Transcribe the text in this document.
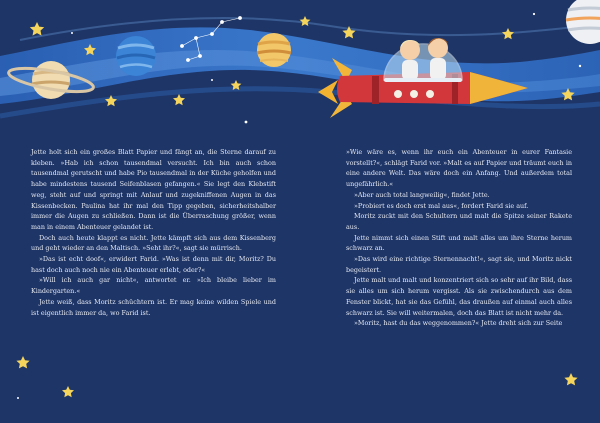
Jette holt sich ein großes Blatt Papier und fängt an, die Sterne darauf zu kleben. »Hab ich schon tausendmal versucht. Ich bin auch schon tausendmal gerutscht und habe Pio tausendmal in der Küche geholfen und habe mindestens tausend Seifenblasen gefangen.« Sie legt den Klebstift weg, steht auf und springt mit Anlauf und zugekniffenen Augen in das Kissenbecken. Paulina hat ihr mal den Tipp gegeben, sicherheitshalber immer die Augen zu schließen. Dann ist die Überraschung größer, wenn man in einem Abenteuer gelandet ist.

Doch auch heute klappt es nicht. Jette kämpft sich aus dem Kissenberg und geht wieder an den Maltisch. »Seht ihr?«, sagt sie mürrisch.

»Das ist echt doof«, erwidert Farid. »Was ist denn mit dir, Moritz? Du hast doch auch noch nie ein Abenteuer erlebt, oder?«

»Will ich auch gar nicht«, antwortet er. »Ich bleibe lieber im Kindergarten.«

Jette weiß, dass Moritz schüchtern ist. Er mag keine wilden Spiele und ist eigentlich immer da, wo Farid ist.

»Wie wäre es, wenn ihr euch ein Abenteuer in eurer Fantasie vorstellt?«, schlägt Farid vor. »Malt es auf Papier und träumt euch in eine andere Welt. Das wäre doch ein Anfang. Und außerdem total ungefährlich.«

»Aber auch total langweilig«, findet Jette.

»Probiert es doch erst mal aus«, fordert Farid sie auf.

Moritz zuckt mit den Schultern und malt die Spitze seiner Rakete aus.

Jette nimmt sich einen Stift und malt alles um ihre Sterne herum schwarz an.

»Das wird eine richtige Sternennacht!«, sagt sie, und Moritz nickt begeistert.

Jette malt und malt und konzentriert sich so sehr auf ihr Bild, dass sie alles um sich herum vergisst. Als sie zwischendurch aus dem Fenster blickt, hat sie das Gefühl, das draußen auf einmal auch alles schwarz ist. Sie will weitermalen, doch das Blatt ist nicht mehr da.

»Moritz, hast du das weggenommen?« Jette dreht sich zur Seite
